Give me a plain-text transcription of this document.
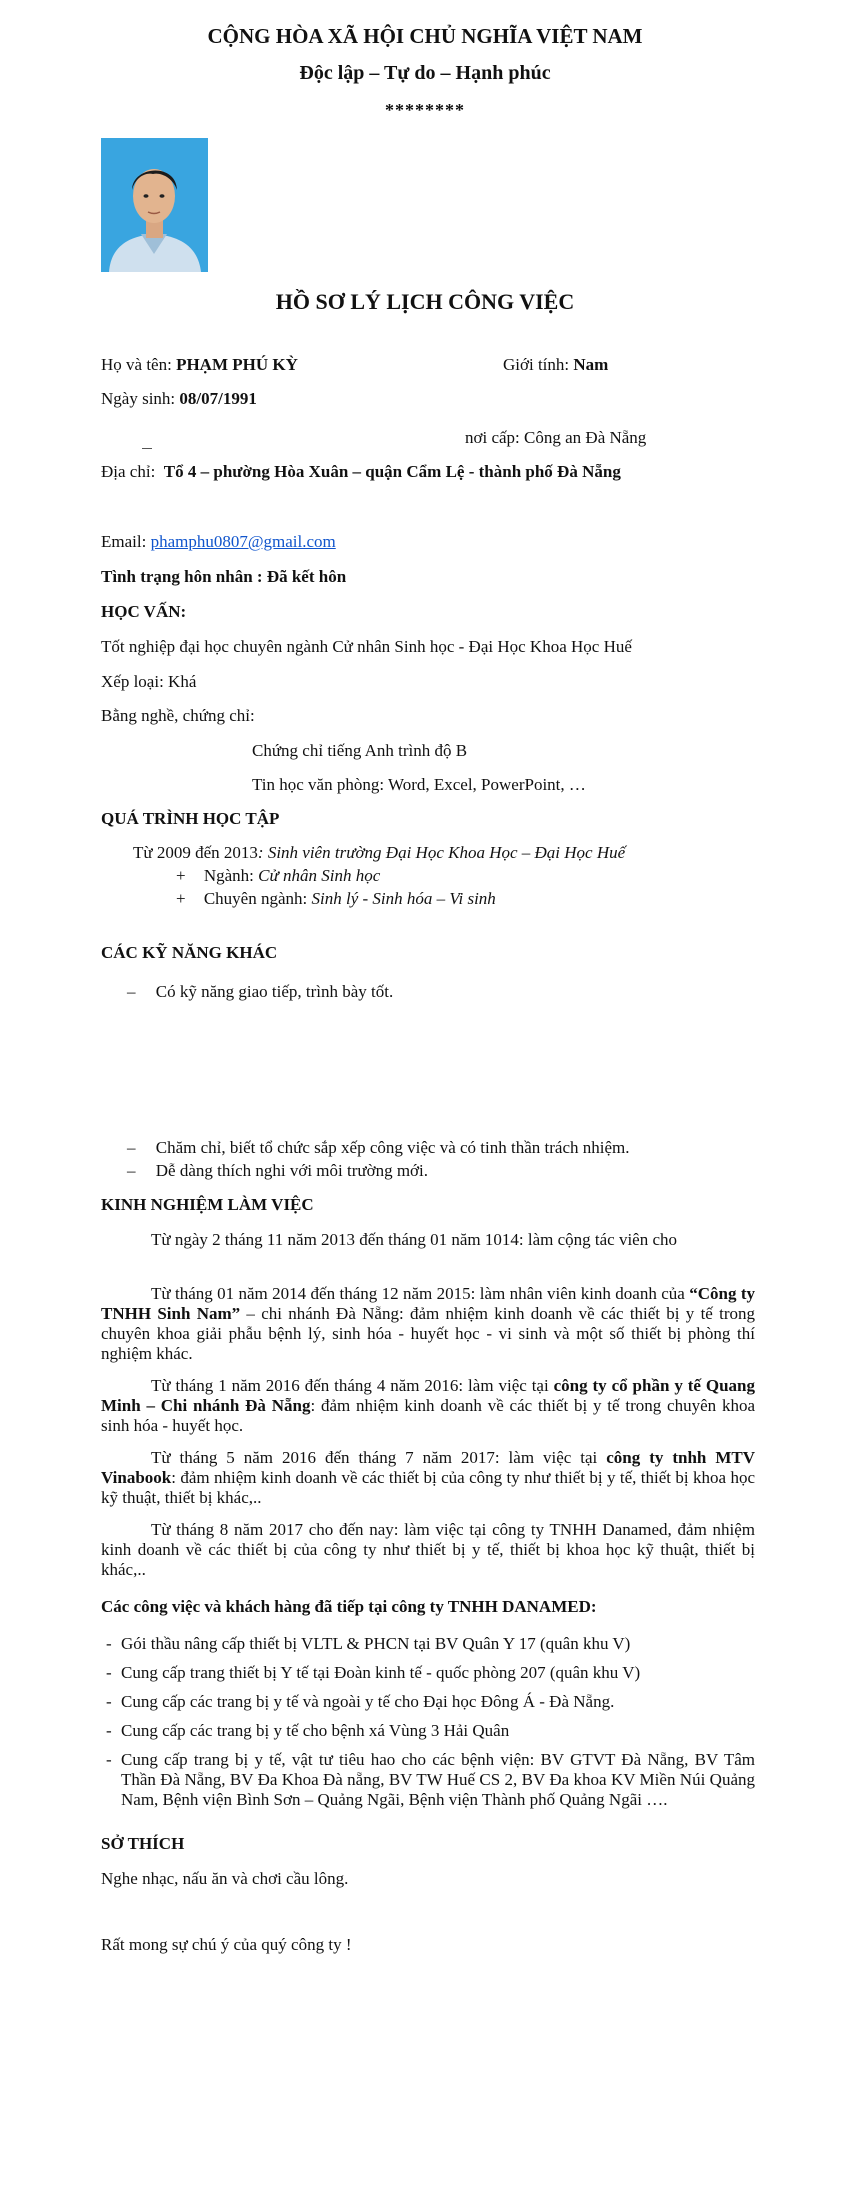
CỘNG HÒA XÃ HỘI CHỦ NGHĨA VIỆT NAM
Độc lập – Tự do – Hạnh phúc
********
HỒ SƠ LÝ LỊCH CÔNG VIỆC
Họ và tên: PHẠM PHÚ KỲ	Giới tính: Nam
Ngày sinh: 08/07/1991
nơi cấp: Công an Đà Nẵng
Địa chỉ: Tổ 4 – phường Hòa Xuân – quận Cẩm Lệ - thành phố Đà Nẵng
Email: phamphu0807@gmail.com
Tình trạng hôn nhân : Đã kết hôn
HỌC VẤN:
Tốt nghiệp đại học chuyên ngành Cử nhân Sinh học - Đại Học Khoa Học Huế
Xếp loại: Khá
Bằng nghề, chứng chỉ:
Chứng chỉ tiếng Anh trình độ B
Tin học văn phòng: Word, Excel, PowerPoint, …
QUÁ TRÌNH HỌC TẬP
Từ 2009 đến 2013: Sinh viên trường Đại Học Khoa Học – Đại Học Huế
+ Ngành: Cử nhân Sinh học
+ Chuyên ngành: Sinh lý - Sinh hóa – Vi sinh
CÁC KỸ NĂNG KHÁC
– Có kỹ năng giao tiếp, trình bày tốt.
– Chăm chỉ, biết tổ chức sắp xếp công việc và có tinh thần trách nhiệm.
– Dễ dàng thích nghi với môi trường mới.
KINH NGHIỆM LÀM VIỆC
Từ ngày 2 tháng 11 năm 2013 đến tháng 01 năm 1014: làm cộng tác viên cho
Từ tháng 01 năm 2014 đến tháng 12 năm 2015: làm nhân viên kinh doanh của “Công ty TNHH Sinh Nam” – chi nhánh Đà Nẵng: đảm nhiệm kinh doanh về các thiết bị y tế trong chuyên khoa giải phẫu bệnh lý, sinh hóa - huyết học - vi sinh và một số thiết bị phòng thí nghiệm khác.
Từ tháng 1 năm 2016 đến tháng 4 năm 2016: làm việc tại công ty cổ phần y tế Quang Minh – Chi nhánh Đà Nẵng: đảm nhiệm kinh doanh về các thiết bị y tế trong chuyên khoa sinh hóa - huyết học.
Từ tháng 5 năm 2016 đến tháng 7 năm 2017: làm việc tại công ty tnhh MTV Vinabook: đảm nhiệm kinh doanh về các thiết bị của công ty như thiết bị y tế, thiết bị khoa học kỹ thuật, thiết bị khác,..
Từ tháng 8 năm 2017 cho đến nay: làm việc tại công ty TNHH Danamed, đảm nhiệm kinh doanh về các thiết bị của công ty như thiết bị y tế, thiết bị khoa học kỹ thuật, thiết bị khác,..
Các công việc và khách hàng đã tiếp tại công ty TNHH DANAMED:
- Gói thầu nâng cấp thiết bị VLTL & PHCN tại BV Quân Y 17 (quân khu V)
- Cung cấp trang thiết bị Y tế tại Đoàn kinh tế - quốc phòng 207 (quân khu V)
- Cung cấp các trang bị y tế và ngoài y tế cho Đại học Đông Á - Đà Nẵng.
- Cung cấp các trang bị y tế cho bệnh xá Vùng 3 Hải Quân
- Cung cấp trang bị y tế, vật tư tiêu hao cho các bệnh viện: BV GTVT Đà Nẵng, BV Tâm Thần Đà Nẵng, BV Đa Khoa Đà nẵng, BV TW Huế CS 2, BV Đa khoa KV Miền Núi Quảng Nam, Bệnh viện Bình Sơn – Quảng Ngãi, Bệnh viện Thành phố Quảng Ngãi ….
SỞ THÍCH
Nghe nhạc, nấu ăn và chơi cầu lông.
Rất mong sự chú ý của quý công ty !
